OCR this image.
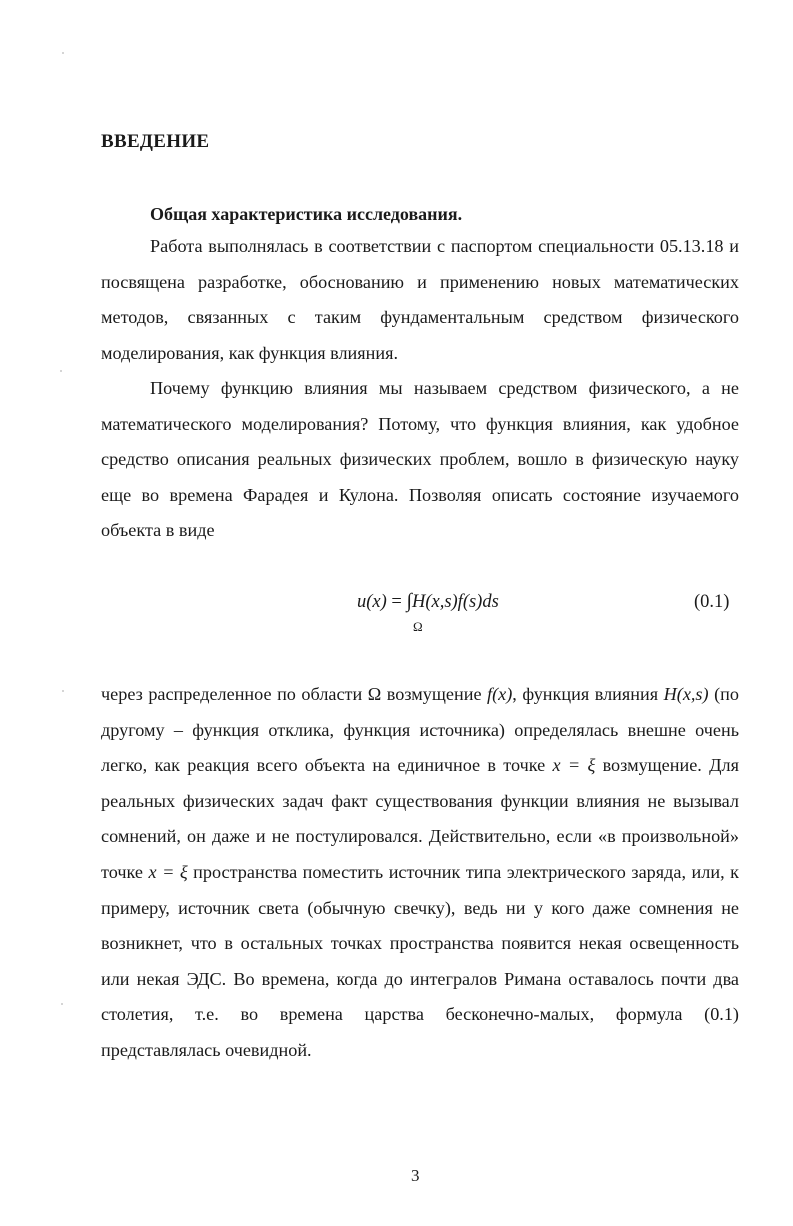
ВВЕДЕНИЕ
Общая характеристика исследования.

Работа выполнялась в соответствии с паспортом специальности 05.13.18 и посвящена разработке, обоснованию и применению новых математических методов, связанных с таким фундаментальным средством физического моделирования, как функция влияния.

Почему функцию влияния мы называем средством физического, а не математического моделирования? Потому, что функция влияния, как удобное средство описания реальных физических проблем, вошло в физическую науку еще во времена Фарадея и Кулона. Позволяя описать состояние изучаемого объекта в виде

u(x) = ∫H(x,s)f(s)ds
Ω
(0.1)

через распределенное по области Ω возмущение f(x), функция влияния H(x,s) (по другому – функция отклика, функция источника) определялась внешне очень легко, как реакция всего объекта на единичное в точке x = ξ возмущение. Для реальных физических задач факт существования функции влияния не вызывал сомнений, он даже и не постулировался. Действительно, если «в произвольной» точке x = ξ пространства поместить источник типа электрического заряда, или, к примеру, источник света (обычную свечку), ведь ни у кого даже сомнения не возникнет, что в остальных точках пространства появится некая освещенность или некая ЭДС. Во времена, когда до интегралов Римана оставалось почти два столетия, т.е. во времена царства бесконечно-малых, формула (0.1) представлялась очевидной.

3
